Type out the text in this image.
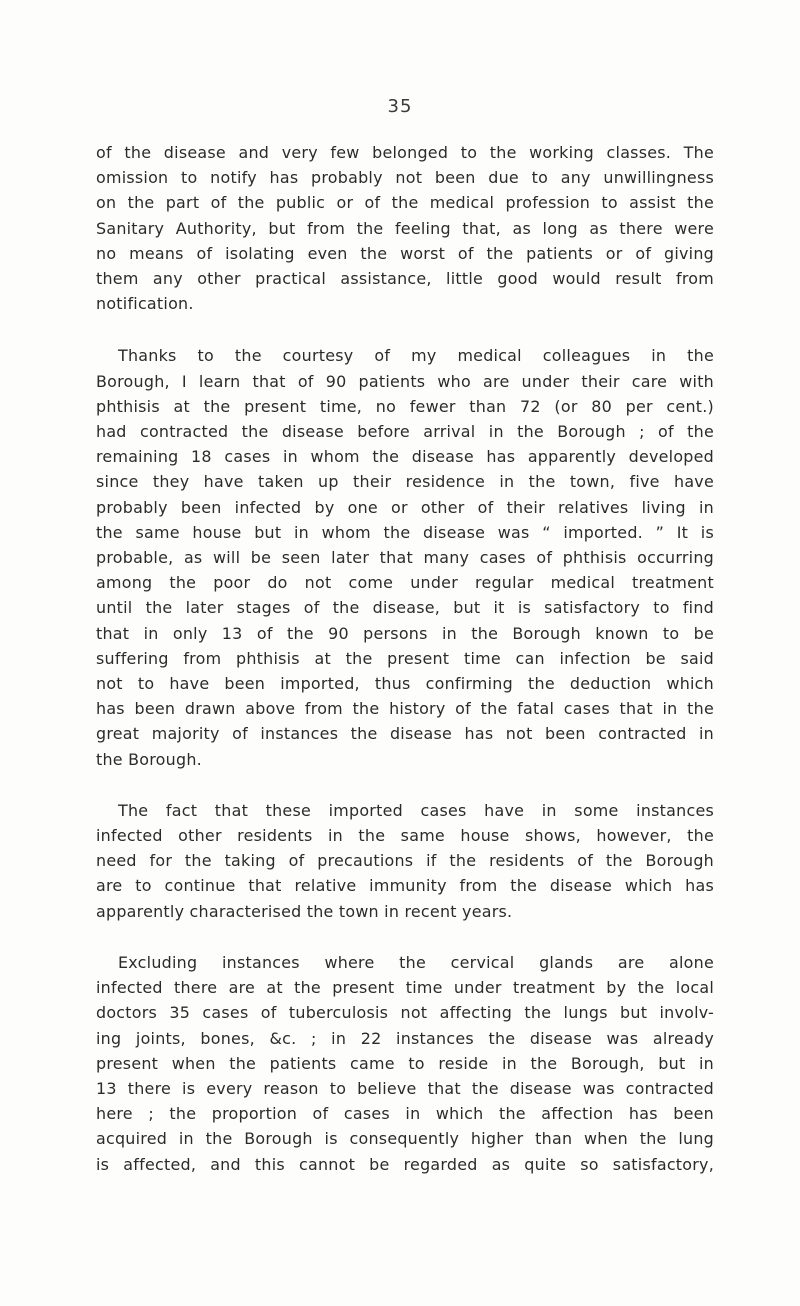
35

of the disease and very few belonged to the working classes. The
omission to notify has probably not been due to any unwillingness
on the part of the public or of the medical profession to assist the
Sanitary Authority, but from the feeling that, as long as there were
no means of isolating even the worst of the patients or of giving
them any other practical assistance, little good would result from
notification.

Thanks to the courtesy of my medical colleagues in the
Borough, I learn that of 90 patients who are under their care with
phthisis at the present time, no fewer than 72 (or 80 per cent.)
had contracted the disease before arrival in the Borough ; of the
remaining 18 cases in whom the disease has apparently developed
since they have taken up their residence in the town, five have
probably been infected by one or other of their relatives living in
the same house but in whom the disease was “ imported. ” It is
probable, as will be seen later that many cases of phthisis occurring
among the poor do not come under regular medical treatment
until the later stages of the disease, but it is satisfactory to find
that in only 13 of the 90 persons in the Borough known to be
suffering from phthisis at the present time can infection be said
not to have been imported, thus confirming the deduction which
has been drawn above from the history of the fatal cases that in the
great majority of instances the disease has not been contracted in
the Borough.

The fact that these imported cases have in some instances
infected other residents in the same house shows, however, the
need for the taking of precautions if the residents of the Borough
are to continue that relative immunity from the disease which has
apparently characterised the town in recent years.

Excluding instances where the cervical glands are alone
infected there are at the present time under treatment by the local
doctors 35 cases of tuberculosis not affecting the lungs but involv-
ing joints, bones, &c. ; in 22 instances the disease was already
present when the patients came to reside in the Borough, but in
13 there is every reason to believe that the disease was contracted
here ; the proportion of cases in which the affection has been
acquired in the Borough is consequently higher than when the lung
is affected, and this cannot be regarded as quite so satisfactory,
